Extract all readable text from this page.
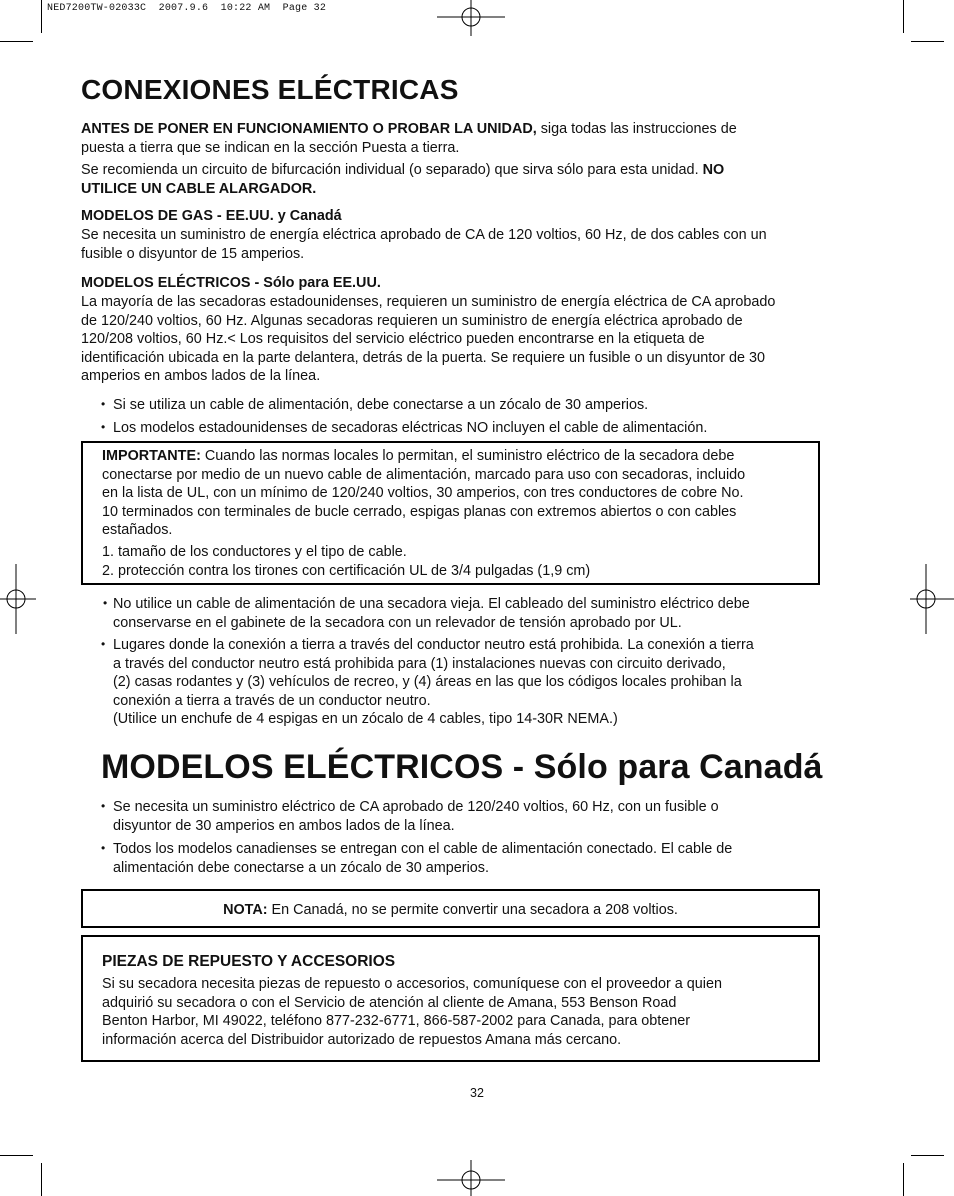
NED7200TW-02033C  2007.9.6  10:22 AM  Page 32
CONEXIONES ELÉCTRICAS

ANTES DE PONER EN FUNCIONAMIENTO O PROBAR LA UNIDAD, siga todas las instrucciones de
puesta a tierra que se indican en la sección Puesta a tierra.

Se recomienda un circuito de bifurcación individual (o separado) que sirva sólo para esta unidad. NO
UTILICE UN CABLE ALARGADOR.

MODELOS DE GAS - EE.UU. y Canadá

Se necesita un suministro de energía eléctrica aprobado de CA de 120 voltios, 60 Hz, de dos cables con un
fusible o disyuntor de 15 amperios.

MODELOS ELÉCTRICOS - Sólo para EE.UU.

La mayoría de las secadoras estadounidenses, requieren un suministro de energía eléctrica de CA aprobado
de 120/240 voltios, 60 Hz. Algunas secadoras requieren un suministro de energía eléctrica aprobado de
120/208 voltios, 60 Hz.< Los requisitos del servicio eléctrico pueden encontrarse en la etiqueta de
identificación ubicada en la parte delantera, detrás de la puerta. Se requiere un fusible o un disyuntor de 30
amperios en ambos lados de la línea.

• Si se utiliza un cable de alimentación, debe conectarse a un zócalo de 30 amperios.

• Los modelos estadounidenses de secadoras eléctricas NO incluyen el cable de alimentación.

IMPORTANTE: Cuando las normas locales lo permitan, el suministro eléctrico de la secadora debe
conectarse por medio de un nuevo cable de alimentación, marcado para uso con secadoras, incluido
en la lista de UL, con un mínimo de 120/240 voltios, 30 amperios, con tres conductores de cobre No.
10 terminados con terminales de bucle cerrado, espigas planas con extremos abiertos o con cables
estañados.

1. tamaño de los conductores y el tipo de cable.
2. protección contra los tirones con certificación UL de 3/4 pulgadas (1,9 cm)

• No utilice un cable de alimentación de una secadora vieja. El cableado del suministro eléctrico debe
conservarse en el gabinete de la secadora con un relevador de tensión aprobado por UL.

• Lugares donde la conexión a tierra a través del conductor neutro está prohibida. La conexión a tierra
a través del conductor neutro está prohibida para (1) instalaciones nuevas con circuito derivado,
(2) casas rodantes y (3) vehículos de recreo, y (4) áreas en las que los códigos locales prohiban la
conexión a tierra a través de un conductor neutro.
(Utilice un enchufe de 4 espigas en un zócalo de 4 cables, tipo 14-30R NEMA.)

MODELOS ELÉCTRICOS - Sólo para Canadá

• Se necesita un suministro eléctrico de CA aprobado de 120/240 voltios, 60 Hz, con un fusible o
disyuntor de 30 amperios en ambos lados de la línea.

• Todos los modelos canadienses se entregan con el cable de alimentación conectado. El cable de
alimentación debe conectarse a un zócalo de 30 amperios.

NOTA: En Canadá, no se permite convertir una secadora a 208 voltios.

PIEZAS DE REPUESTO Y ACCESORIOS

Si su secadora necesita piezas de repuesto o accesorios, comuníquese con el proveedor a quien
adquirió su secadora o con el Servicio de atención al cliente de Amana, 553 Benson Road
Benton Harbor, MI 49022, teléfono 877-232-6771, 866-587-2002 para Canada, para obtener
información acerca del Distribuidor autorizado de repuestos Amana más cercano.

32
